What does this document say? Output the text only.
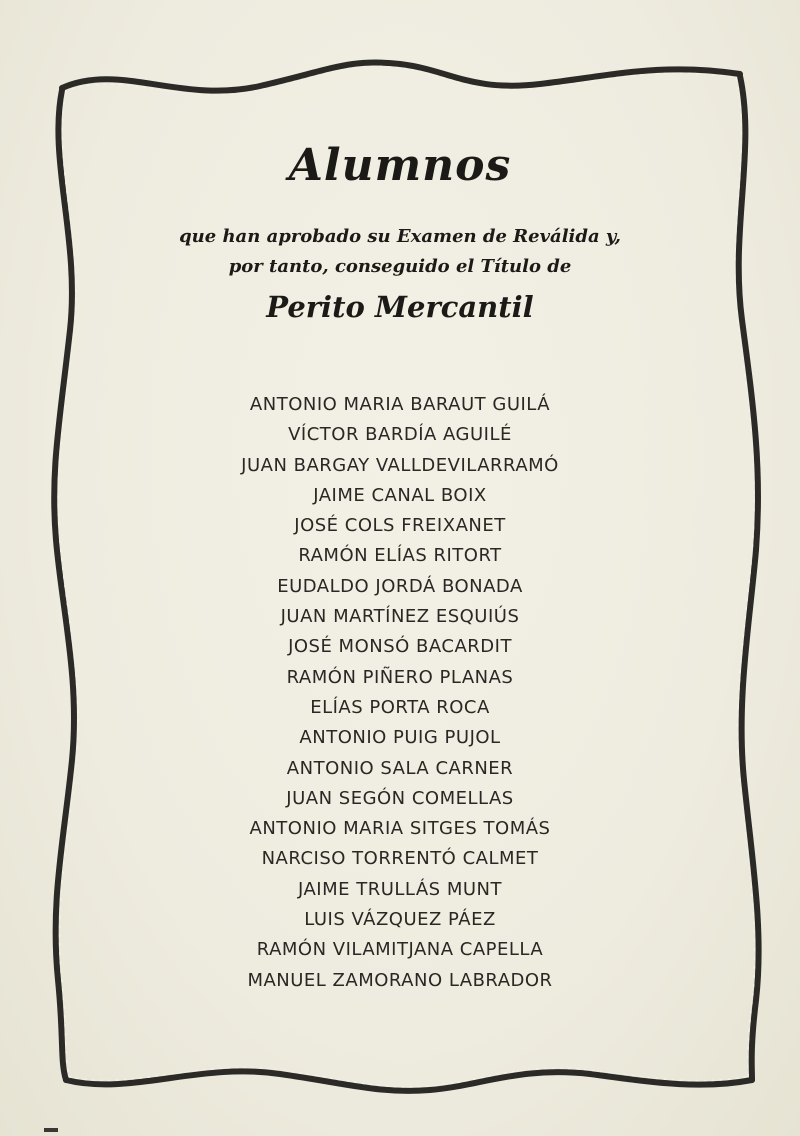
Alumnos
que han aprobado su Examen de Reválida y,
por tanto, conseguido el Título de
Perito Mercantil
ANTONIO MARIA BARAUT GUILÁ
VÍCTOR BARDÍA AGUILÉ
JUAN BARGAY VALLDEVILARRAMÓ
JAIME CANAL BOIX
JOSÉ COLS FREIXANET
RAMÓN ELÍAS RITORT
EUDALDO JORDÁ BONADA
JUAN MARTÍNEZ ESQUIÚS
JOSÉ MONSÓ BACARDIT
RAMÓN PIÑERO PLANAS
ELÍAS PORTA ROCA
ANTONIO PUIG PUJOL
ANTONIO SALA CARNER
JUAN SEGÓN COMELLAS
ANTONIO MARIA SITGES TOMÁS
NARCISO TORRENTÓ CALMET
JAIME TRULLÁS MUNT
LUIS VÁZQUEZ PÁEZ
RAMÓN VILAMITJANA CAPELLA
MANUEL ZAMORANO LABRADOR
